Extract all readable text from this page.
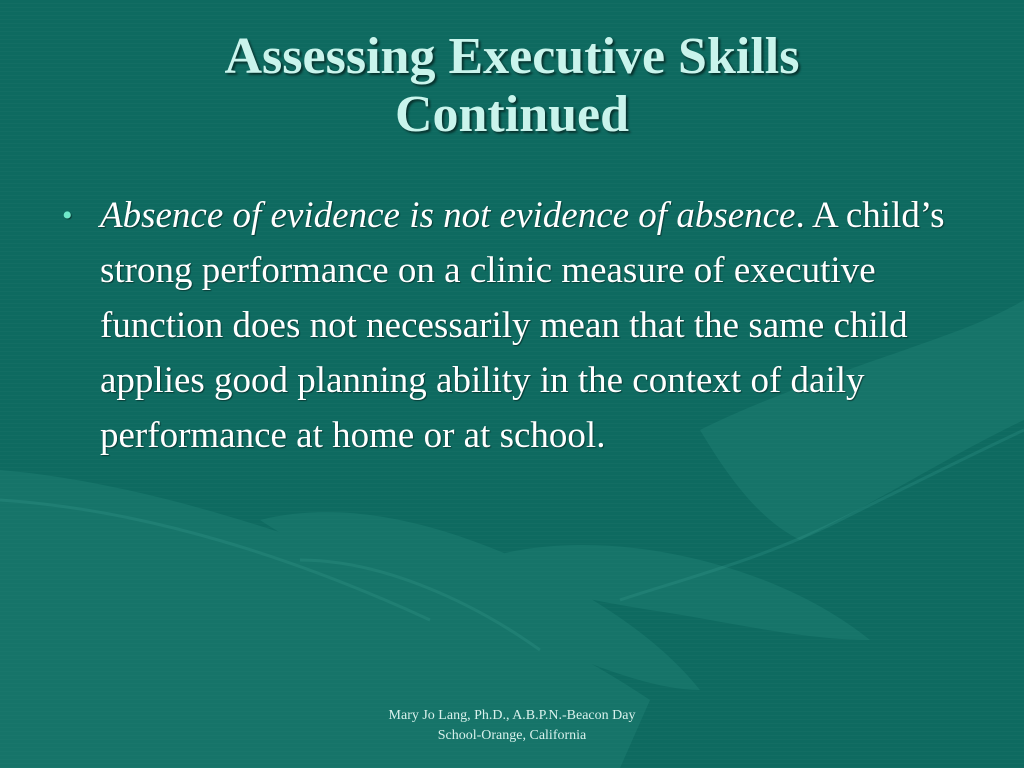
Assessing Executive Skills
Continued
• Absence of evidence is not evidence of absence. A child’s strong performance on a clinic measure of executive function does not necessarily mean that the same child applies good planning ability in the context of daily performance at home or at school.
Mary Jo Lang, Ph.D., A.B.P.N.-Beacon Day
School-Orange, California
